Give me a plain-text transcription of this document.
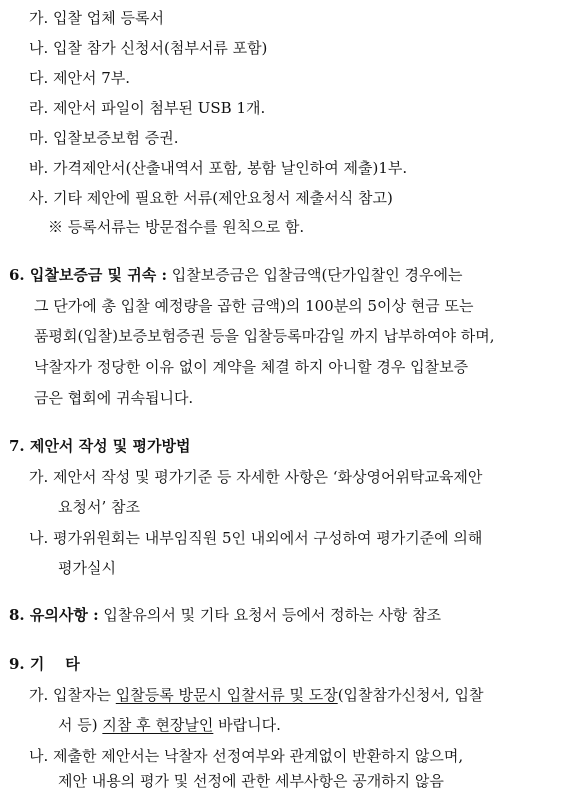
가. 입찰 업체 등록서
나. 입찰 참가 신청서(첨부서류 포함)
다. 제안서 7부.
라. 제안서 파일이 첨부된 USB 1개.
마. 입찰보증보험 증권.
바. 가격제안서(산출내역서 포함, 봉함 날인하여 제출)1부.
사. 기타 제안에 필요한 서류(제안요청서 제출서식 참고)
※ 등록서류는 방문접수를 원칙으로 함.
6. 입찰보증금 및 귀속 : 입찰보증금은 입찰금액(단가입찰인 경우에는
그 단가에 총 입찰 예정량을 곱한 금액)의 100분의 5이상 현금 또는
품평회(입찰)보증보험증권 등을 입찰등록마감일 까지 납부하여야 하며,
낙찰자가 정당한 이유 없이 계약을 체결 하지 아니할 경우 입찰보증
금은 협회에 귀속됩니다.
7. 제안서 작성 및 평가방법
가. 제안서 작성 및 평가기준 등 자세한 사항은 ‘화상영어위탁교육제안
요청서’ 참조
나. 평가위원회는 내부임직원 5인 내외에서 구성하여 평가기준에 의해
평가실시
8. 유의사항 : 입찰유의서 및 기타 요청서 등에서 정하는 사항 참조
9. 기    타
가. 입찰자는 입찰등록 방문시 입찰서류 및 도장(입찰참가신청서, 입찰
서 등) 지참 후 현장날인 바랍니다.
나. 제출한 제안서는 낙찰자 선정여부와 관계없이 반환하지 않으며,
제안 내용의 평가 및 선정에 관한 세부사항은 공개하지 않음
